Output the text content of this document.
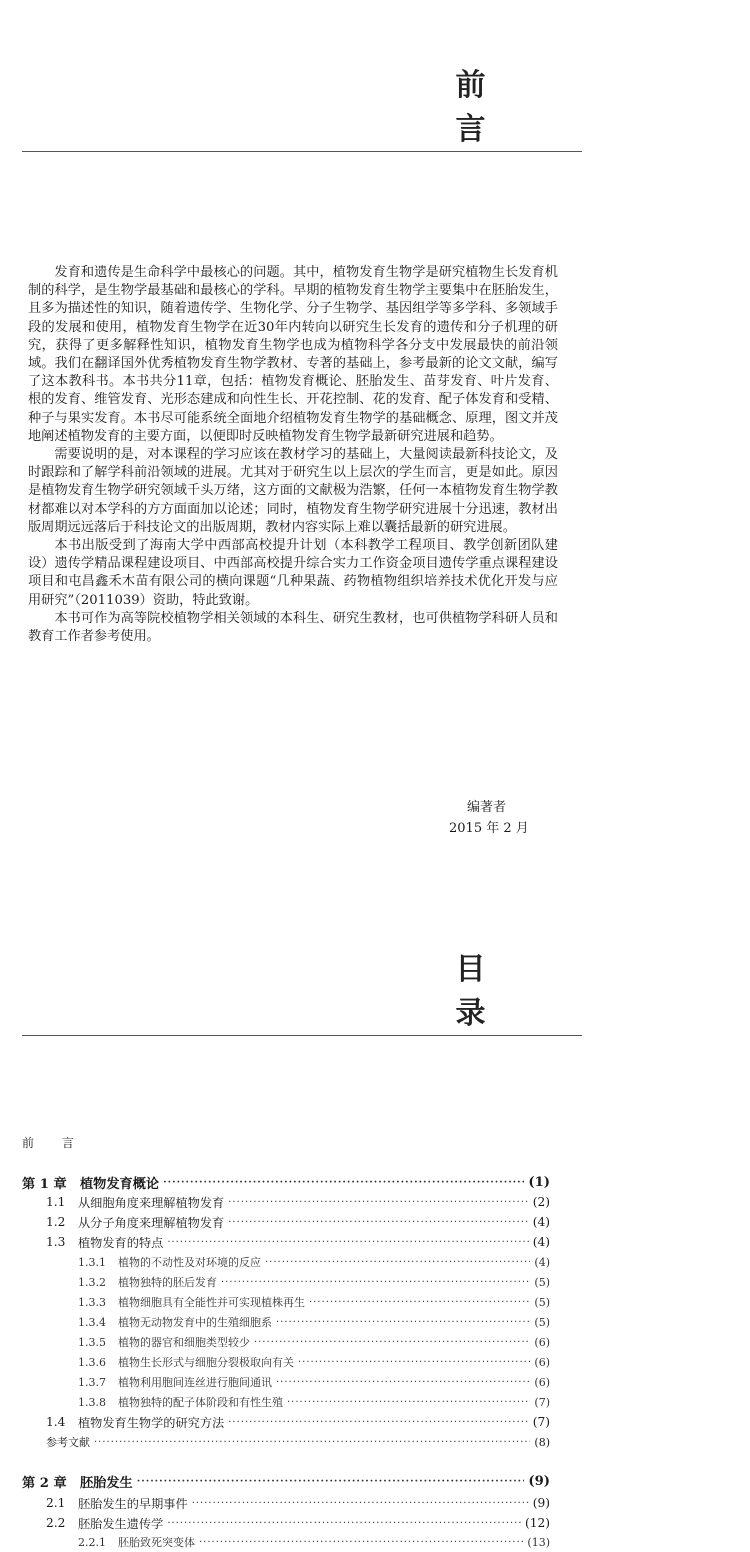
前 言

发育和遗传是生命科学中最核心的问题。其中，植物发育生物学是研究植物生长发育机制的科学，是生物学最基础和最核心的学科。早期的植物发育生物学主要集中在胚胎发生，且多为描述性的知识，随着遗传学、生物化学、分子生物学、基因组学等多学科、多领域手段的发展和使用，植物发育生物学在近30年内转向以研究生长发育的遗传和分子机理的研究，获得了更多解释性知识，植物发育生物学也成为植物科学各分支中发展最快的前沿领域。我们在翻译国外优秀植物发育生物学教材、专著的基础上，参考最新的论文文献，编写了这本教科书。本书共分11章，包括：植物发育概论、胚胎发生、苗芽发育、叶片发育、根的发育、维管发育、光形态建成和向性生长、开花控制、花的发育、配子体发育和受精、种子与果实发育。本书尽可能系统全面地介绍植物发育生物学的基础概念、原理，图文并茂地阐述植物发育的主要方面，以便即时反映植物发育生物学最新研究进展和趋势。

需要说明的是，对本课程的学习应该在教材学习的基础上，大量阅读最新科技论文，及时跟踪和了解学科前沿领域的进展。尤其对于研究生以上层次的学生而言，更是如此。原因是植物发育生物学研究领域千头万绪，这方面的文献极为浩繁，任何一本植物发育生物学教材都难以对本学科的方方面面加以论述；同时，植物发育生物学研究进展十分迅速，教材出版周期远远落后于科技论文的出版周期，教材内容实际上难以囊括最新的研究进展。

本书出版受到了海南大学中西部高校提升计划（本科教学工程项目、教学创新团队建设）遗传学精品课程建设项目、中西部高校提升综合实力工作资金项目遗传学重点课程建设项目和屯昌鑫禾木苗有限公司的横向课题“几种果蔬、药物植物组织培养技术优化开发与应用研究”（2011039）资助，特此致谢。

本书可作为高等院校植物学相关领域的本科生、研究生教材，也可供植物学科研人员和教育工作者参考使用。

编著者
2015 年 2 月
目 录
前 言
第 1 章	植物发育概论 ·····	(1)
1.1	从细胞角度来理解植物发育 ·····	(2)
1.2	从分子角度来理解植物发育 ·····	(4)
1.3	植物发育的特点 ·····	(4)
1.3.1	植物的不动性及对环境的反应 ·····	(4)
1.3.2	植物独特的胚后发育 ·····	(5)
1.3.3	植物细胞具有全能性并可实现植株再生 ·····	(5)
1.3.4	植物无动物发育中的生殖细胞系 ·····	(5)
1.3.5	植物的器官和细胞类型较少 ·····	(6)
1.3.6	植物生长形式与细胞分裂极取向有关 ·····	(6)
1.3.7	植物利用胞间连丝进行胞间通讯 ·····	(6)
1.3.8	植物独特的配子体阶段和有性生殖 ·····	(7)
1.4	植物发育生物学的研究方法 ·····	(7)
参考文献 ·····	(8)
第 2 章	胚胎发生 ·····	(9)
2.1	胚胎发生的早期事件 ·····	(9)
2.2	胚胎发生遗传学 ·····	(12)
2.2.1	胚胎致死突变体 ·····	(13)
